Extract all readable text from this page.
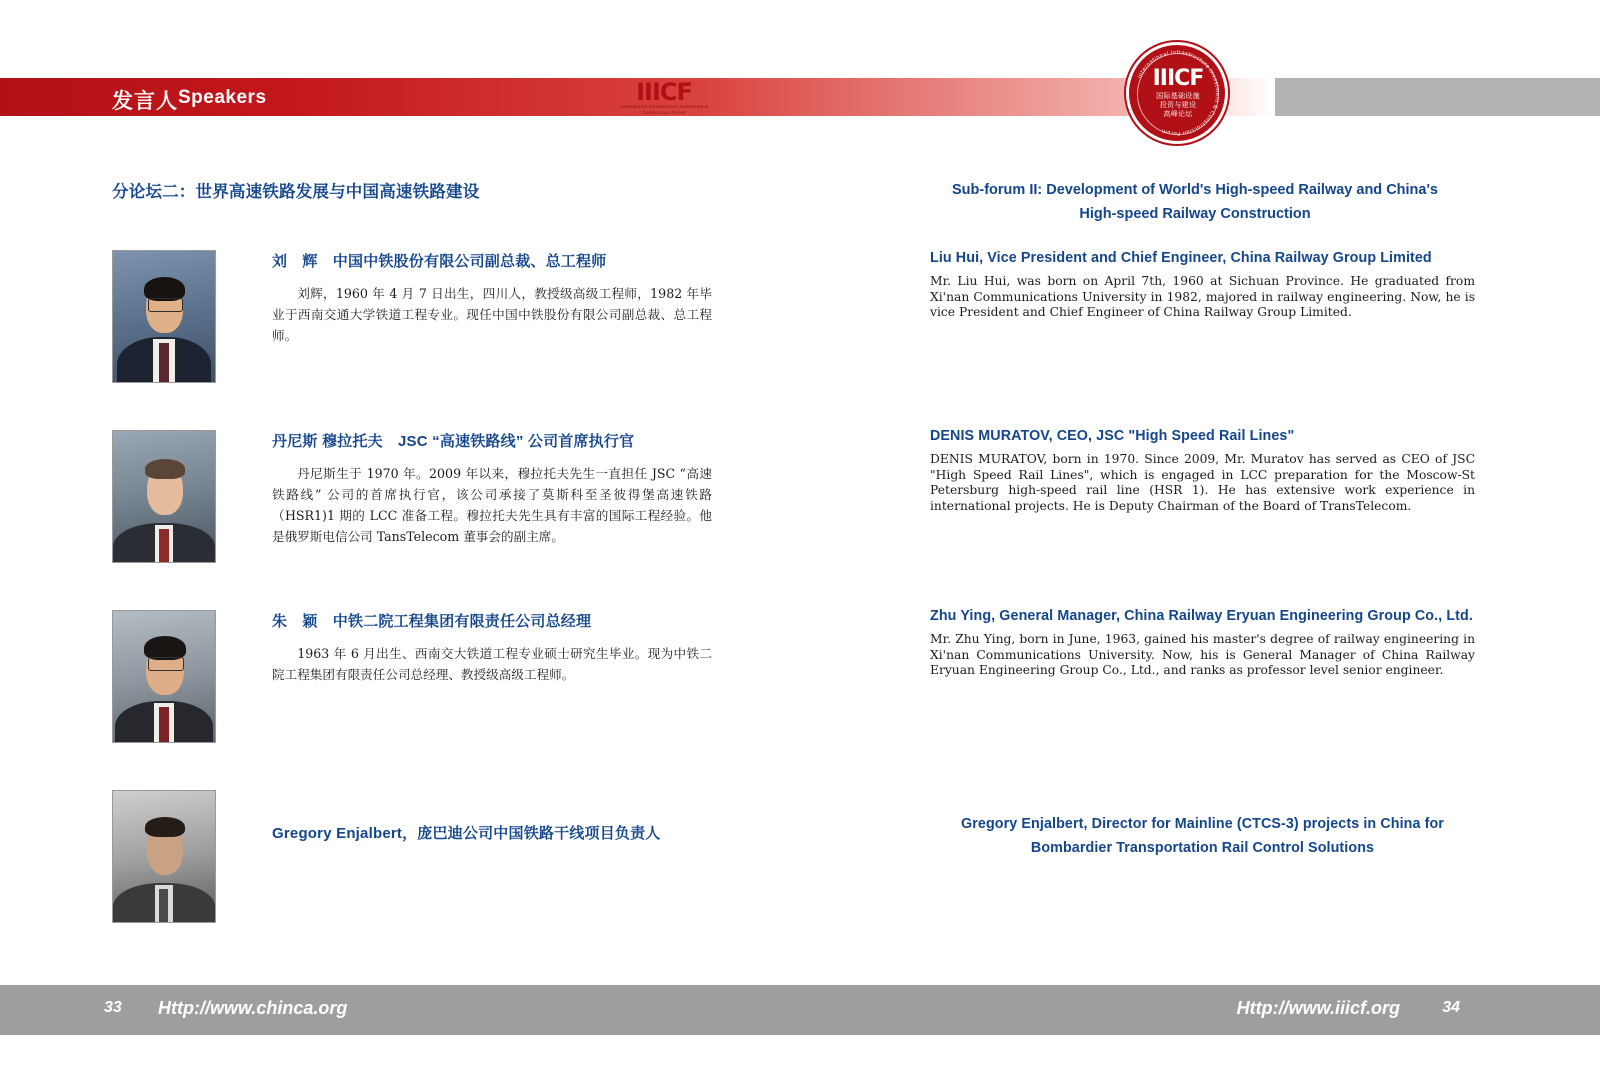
发言人 Speakers	IIICF
International Infrastructure Investment &
Construction Forum
International Infrastructure Investment & Construction Forum
IIICF
国际基础设施
投资与建设
高峰论坛
分论坛二：世界高速铁路发展与中国高速铁路建设	Sub-forum II: Development of World's High-speed Railway and China's
High-speed Railway Construction
刘　辉　中国中铁股份有限公司副总裁、总工程师
刘辉，1960 年 4 月 7 日出生，四川人，教授级高级工程师，1982 年毕业于西南交通大学铁道工程专业。现任中国中铁股份有限公司副总裁、总工程师。
Liu Hui, Vice President and Chief Engineer, China Railway Group Limited
Mr. Liu Hui, was born on April 7th, 1960 at Sichuan Province. He graduated from Xi'nan Communications University in 1982, majored in railway engineering. Now, he is vice President and Chief Engineer of China Railway Group Limited.
丹尼斯 穆拉托夫　JSC “高速铁路线” 公司首席执行官
丹尼斯生于 1970 年。2009 年以来，穆拉托夫先生一直担任 JSC “高速铁路线” 公司的首席执行官，该公司承接了莫斯科至圣彼得堡高速铁路（HSR1)1 期的 LCC 准备工程。穆拉托夫先生具有丰富的国际工程经验。他是俄罗斯电信公司 TansTelecom 董事会的副主席。
DENIS MURATOV, CEO, JSC "High Speed Rail Lines"
DENIS MURATOV, born in 1970. Since 2009, Mr. Muratov has served as CEO of JSC "High Speed Rail Lines", which is engaged in LCC preparation for the Moscow-St Petersburg high-speed rail line (HSR 1). He has extensive work experience in international projects. He is Deputy Chairman of the Board of TransTelecom.
朱　颖　中铁二院工程集团有限责任公司总经理
1963 年 6 月出生、西南交大铁道工程专业硕士研究生毕业。现为中铁二院工程集团有限责任公司总经理、教授级高级工程师。
Zhu Ying, General Manager, China Railway Eryuan Engineering Group Co., Ltd.
Mr. Zhu Ying, born in June, 1963, gained his master's degree of railway engineering in Xi'nan Communications University. Now, his is General Manager of China Railway Eryuan Engineering Group Co., Ltd., and ranks as professor level senior engineer.
Gregory Enjalbert，庞巴迪公司中国铁路干线项目负责人
Gregory Enjalbert, Director for Mainline (CTCS-3) projects in China for
Bombardier Transportation Rail Control Solutions
33 Http://www.chinca.org	Http://www.iiicf.org	34
